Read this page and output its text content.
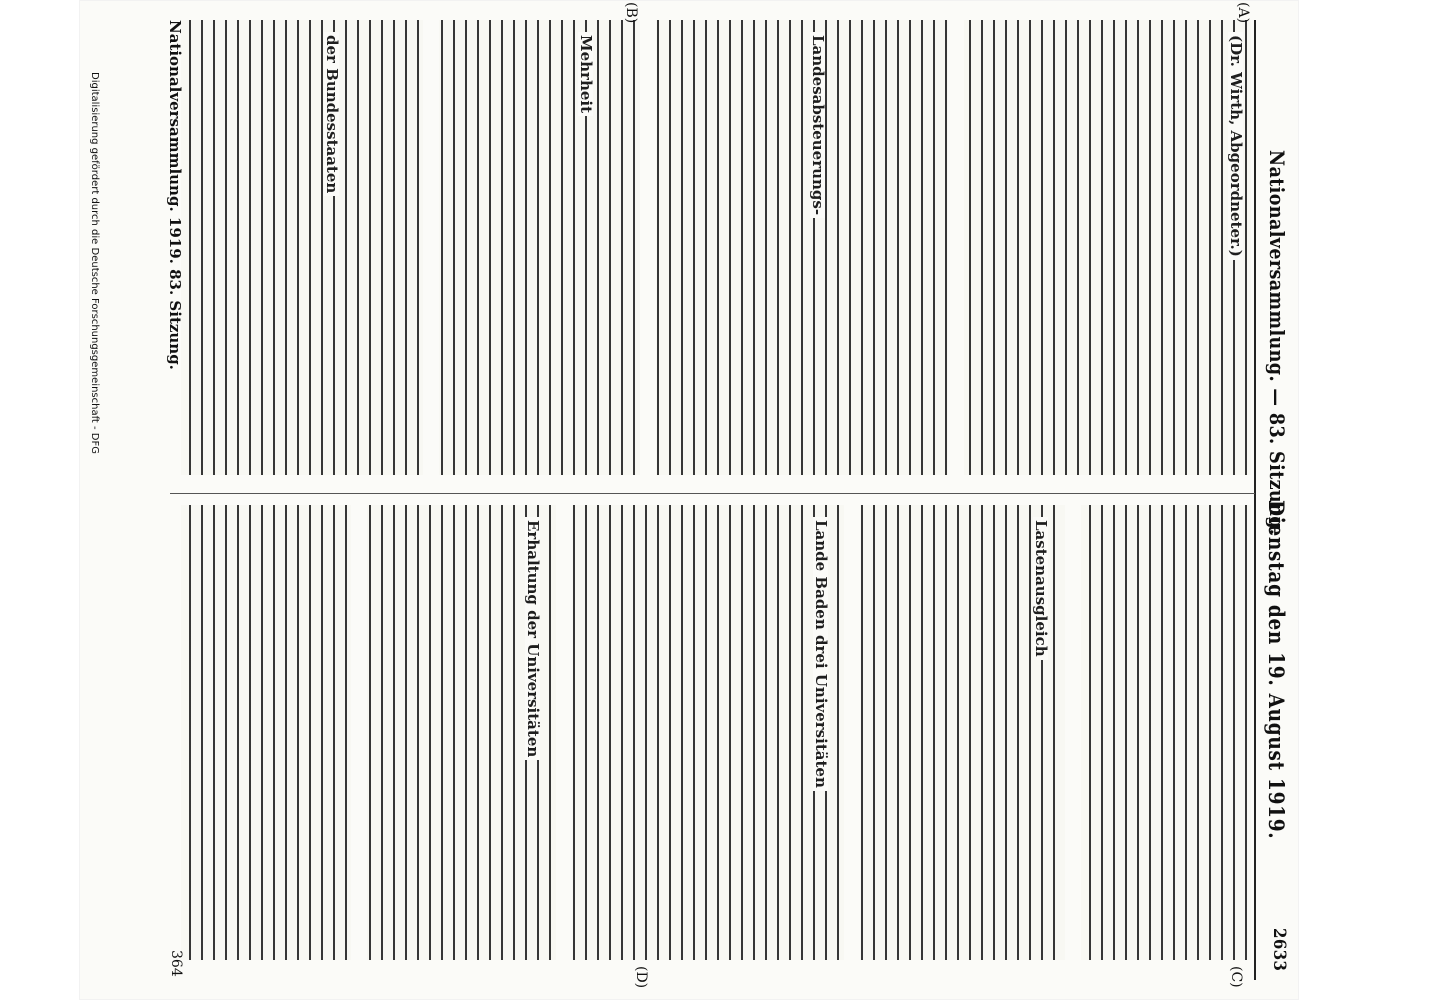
Nationalversammlung. — 83. Sitzung.
Dienstag den 19. August 1919.
2633
(Dr. Wirth, Abgeordneter.)
Landesabsteuerungs-
Mehrheit
der Bundesstaaten
Lastenausgleich
Lande Baden drei Universitäten
Erhaltung der Universitäten
(A)
(B)
(C)
(D)
Nationalversammlung. 1919. 83. Sitzung.
364
Digitalisierung gefördert durch die Deutsche Forschungsgemeinschaft - DFG
